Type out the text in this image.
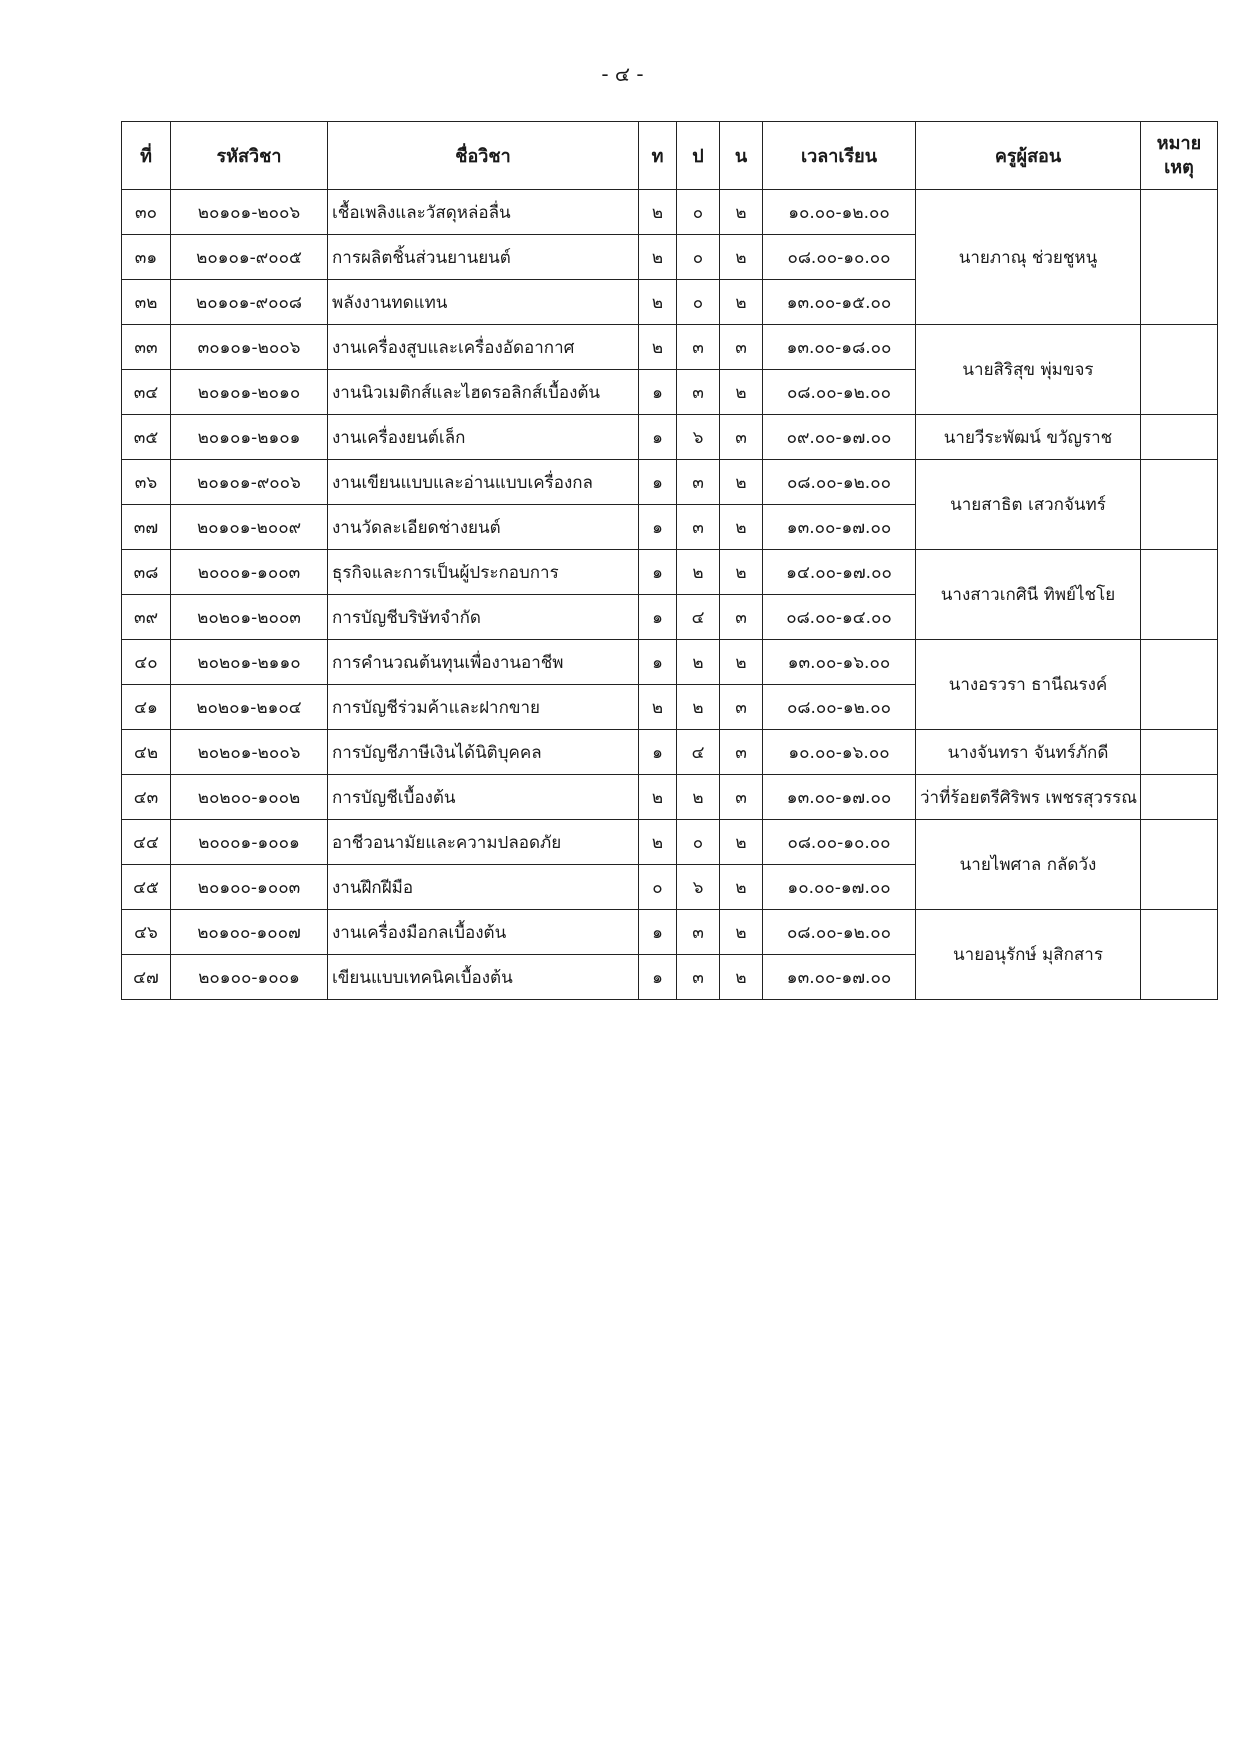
- ๔ -
ที่	รหัสวิชา	ชื่อวิชา	ท	ป	น	เวลาเรียน	ครูผู้สอน	หมาย
เหตุ
๓๐	๒๐๑๐๑-๒๐๐๖	เชื้อเพลิงและวัสดุหล่อลื่น	๒	๐	๒	๑๐.๐๐-๑๒.๐๐	นายภาณุ ช่วยชูหนู	
๓๑	๒๐๑๐๑-๙๐๐๕	การผลิตชิ้นส่วนยานยนต์	๒	๐	๒	๐๘.๐๐-๑๐.๐๐		
๓๒	๒๐๑๐๑-๙๐๐๘	พลังงานทดแทน	๒	๐	๒	๑๓.๐๐-๑๕.๐๐		
๓๓	๓๐๑๐๑-๒๐๐๖	งานเครื่องสูบและเครื่องอัดอากาศ	๒	๓	๓	๑๓.๐๐-๑๘.๐๐	นายสิริสุข พุ่มขจร	
๓๔	๒๐๑๐๑-๒๐๑๐	งานนิวเมติกส์และไฮดรอลิกส์เบื้องต้น	๑	๓	๒	๐๘.๐๐-๑๒.๐๐		
๓๕	๒๐๑๐๑-๒๑๐๑	งานเครื่องยนต์เล็ก	๑	๖	๓	๐๙.๐๐-๑๗.๐๐	นายวีระพัฒน์ ขวัญราช	
๓๖	๒๐๑๐๑-๙๐๐๖	งานเขียนแบบและอ่านแบบเครื่องกล	๑	๓	๒	๐๘.๐๐-๑๒.๐๐	นายสาธิต เสวกจันทร์	
๓๗	๒๐๑๐๑-๒๐๐๙	งานวัดละเอียดช่างยนต์	๑	๓	๒	๑๓.๐๐-๑๗.๐๐		
๓๘	๒๐๐๐๑-๑๐๐๓	ธุรกิจและการเป็นผู้ประกอบการ	๑	๒	๒	๑๔.๐๐-๑๗.๐๐	นางสาวเกศินี ทิพย์ไชโย	
๓๙	๒๐๒๐๑-๒๐๐๓	การบัญชีบริษัทจำกัด	๑	๔	๓	๐๘.๐๐-๑๔.๐๐		
๔๐	๒๐๒๐๑-๒๑๑๐	การคำนวณต้นทุนเพื่องานอาชีพ	๑	๒	๒	๑๓.๐๐-๑๖.๐๐	นางอรวรา ธานีณรงค์	
๔๑	๒๐๒๐๑-๒๑๐๔	การบัญชีร่วมค้าและฝากขาย	๒	๒	๓	๐๘.๐๐-๑๒.๐๐		
๔๒	๒๐๒๐๑-๒๐๐๖	การบัญชีภาษีเงินได้นิติบุคคล	๑	๔	๓	๑๐.๐๐-๑๖.๐๐	นางจันทรา จันทร์ภักดี	
๔๓	๒๐๒๐๐-๑๐๐๒	การบัญชีเบื้องต้น	๒	๒	๓	๑๓.๐๐-๑๗.๐๐	ว่าที่ร้อยตรีศิริพร เพชรสุวรรณ	
๔๔	๒๐๐๐๑-๑๐๐๑	อาชีวอนามัยและความปลอดภัย	๒	๐	๒	๐๘.๐๐-๑๐.๐๐	นายไพศาล กลัดวัง	
๔๕	๒๐๑๐๐-๑๐๐๓	งานฝึกฝีมือ	๐	๖	๒	๑๐.๐๐-๑๗.๐๐		
๔๖	๒๐๑๐๐-๑๐๐๗	งานเครื่องมือกลเบื้องต้น	๑	๓	๒	๐๘.๐๐-๑๒.๐๐	นายอนุรักษ์ มุสิกสาร	
๔๗	๒๐๑๐๐-๑๐๐๑	เขียนแบบเทคนิคเบื้องต้น	๑	๓	๒	๑๓.๐๐-๑๗.๐๐		
